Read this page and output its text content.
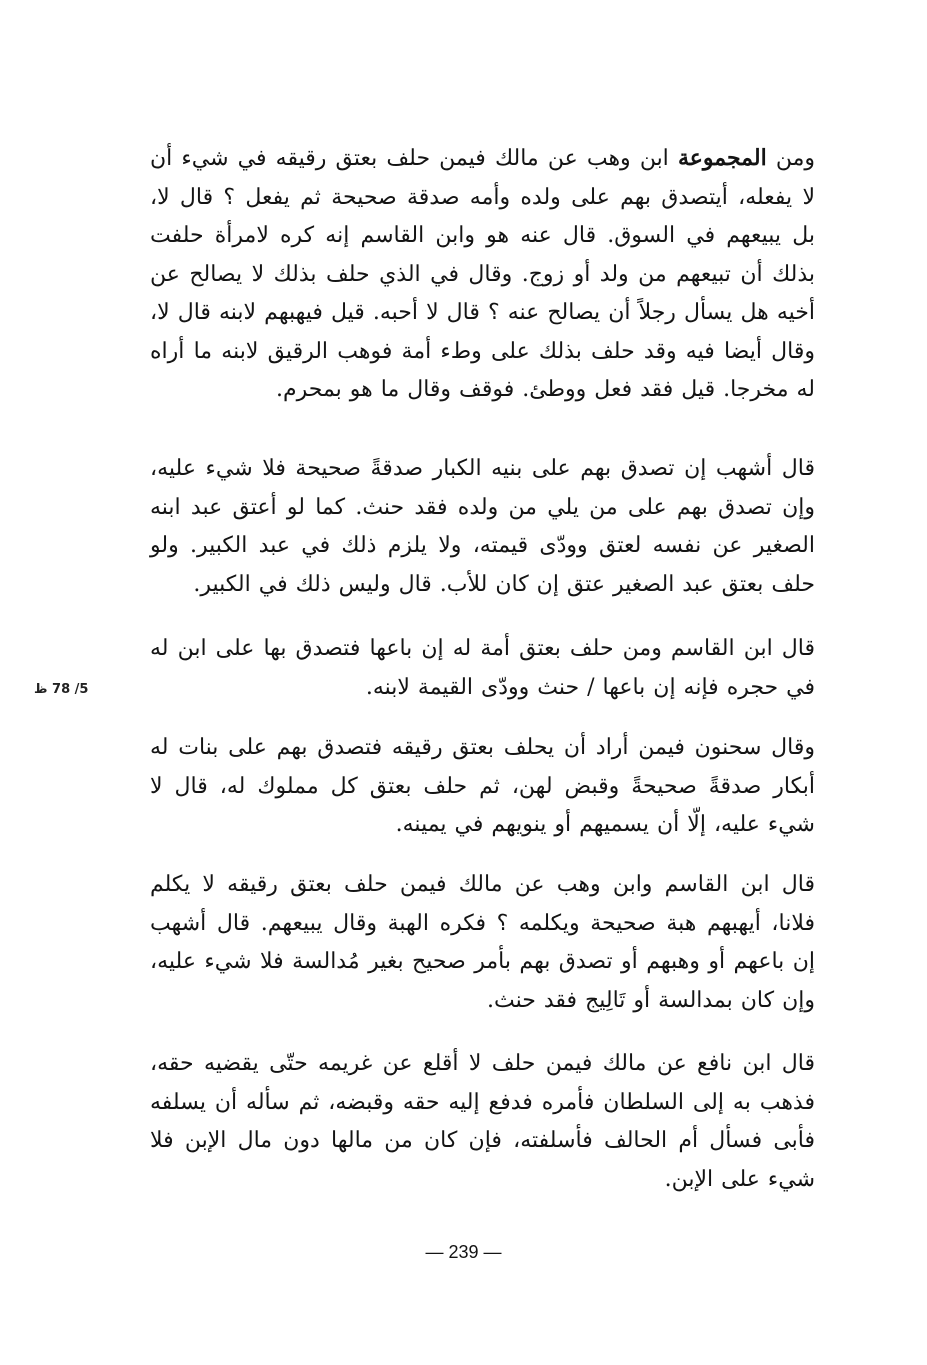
ومن المجموعة ابن وهب عن مالك فيمن حلف بعتق رقيقه في شيء أن لا يفعله، أيتصدق بهم على ولده وأمه صدقة صحيحة ثم يفعل ؟ قال لا، بل يبيعهم في السوق. قال عنه هو وابن القاسم إنه كره لامرأة حلفت بذلك أن تبيعهم من ولد أو زوج. وقال في الذي حلف بذلك لا يصالح عن أخيه هل يسأل رجلاً أن يصالح عنه ؟ قال لا أحبه. قيل فيهبهم لابنه قال لا، وقال أيضا فيه وقد حلف بذلك على وطء أمة فوهب الرقيق لابنه ما أراه له مخرجا. قيل فقد فعل ووطئ. فوقف وقال ما هو بمحرم.

قال أشهب إن تصدق بهم على بنيه الكبار صدقةً صحيحة فلا شيء عليه، وإن تصدق بهم على من يلي من ولده فقد حنث. كما لو أعتق عبد ابنه الصغير عن نفسه لعتق وودّى قيمته، ولا يلزم ذلك في عبد الكبير. ولو حلف بعتق عبد الصغير عتق إن كان للأب. قال وليس ذلك في الكبير.

قال ابن القاسم ومن حلف بعتق أمة له إن باعها فتصدق بها على ابن له في حجره فإنه إن باعها / حنث وودّى القيمة لابنه.

5/ 78 ظ

وقال سحنون فيمن أراد أن يحلف بعتق رقيقه فتصدق بهم على بنات له أبكار صدقةً صحيحةً وقبض لهن، ثم حلف بعتق كل مملوك له، قال لا شيء عليه، إلّا أن يسميهم أو ينويهم في يمينه.

قال ابن القاسم وابن وهب عن مالك فيمن حلف بعتق رقيقه لا يكلم فلانا، أيهبهم هبة صحيحة ويكلمه ؟ فكره الهبة وقال يبيعهم. قال أشهب إن باعهم أو وهبهم أو تصدق بهم بأمر صحيح بغير مُدالسة فلا شيء عليه، وإن كان بمدالسة أو تَالِيج فقد حنث.

قال ابن نافع عن مالك فيمن حلف لا أقلع عن غريمه حتّى يقضيه حقه، فذهب به إلى السلطان فأمره فدفع إليه حقه وقبضه، ثم سأله أن يسلفه فأبى فسأل أم الحالف فأسلفته، فإن كان من مالها دون مال الإبن فلا شيء على الإبن.

— 239 —
